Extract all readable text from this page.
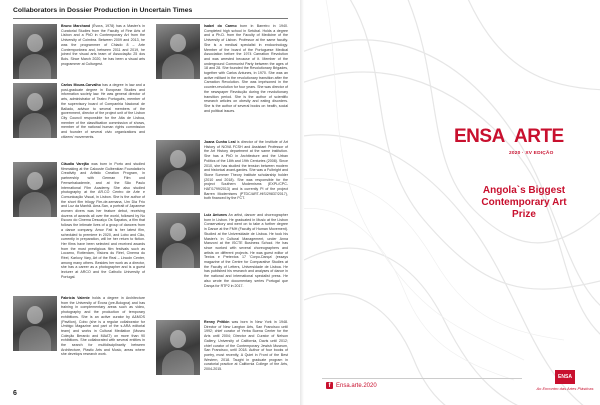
Collaborators in Dossier Production in Uncertain Times
Bruno Marchand (Évora, 1978) has a Master's in Curatorial Studies from the Faculty of Fine Arts of Lisbon and a PhD in Contemporary Art from the University of Coimbra. Between 2009 and 2013, he was the programmer of Chiado 8 – Arte Contemporânea and, between 2011 and 2019, he joined the visual arts team of Associação 25 dos Bois. Since March 2020, he has been a visual arts programmer at Culturgest.
Carlos Moura-Carvalho has a degree in law and a post-graduate degree in European Studies and information society law. He was general director of arts, administrator of Teatro Português, member of the supervisory board of Companhia Nacional de Bailado, advisor to several members of the government, director of the project unit of the Lisbon City Council responsible for the Alta de Lisboa, member of the classification commission of shows, member of the national human rights commission and founder of several civic organizations and citizens' movements.
Cláudia Varejão was born in Porto and studied filmmaking at the Calouste Gulbenkian Foundation's Creativity and Artistic Creation Program, in partnership with German Film und Fernsehakademie, and at the São Paulo International Film Academy. She also studied photography at the AR.CO Centro de Arte e Comunicação Visual, in Lisbon. She is the author of the short film trilogy Fim-de-semana, Um Dia Frio and Luz da Manhã. Ama-San, a portrait of Japanese women divers was her feature debut, receiving dozens of awards all over the world, followed by No Escuro do Cinema Descalço Os Sapatos, a film that follows the intimate lives of a group of dancers from a dance company. Amor Fati is her latest film, scheduled to premiere in 2020, and Lobo and Cão, currently in preparation, will be her return to fiction. Her films have been selected and received awards from the most prestigious film festivals such as Locarno, Rotterdam, Visions du Réel, Cinema du Réel, Karlovy Vary, Art of the Real – Lincoln Center, among many others. Besides her work as a director, she has a career as a photographer and is a guest lecturer at ARCO and the Catholic University of Portugal.
Fabrícia Valente holds a degree in Architecture from the University of Évora (pre-Bologna) and has training in complementary areas such as video, photography and the production of temporary exhibitions. She is an active curator by A&MOS (Pavilion), Cobo (she is a regular collaborator for Umbigo Magazine and part of the s.ARA editorial team) and works in Cultural Mediation (Museu Coleção Berardo and MAAT) on more than 90 exhibitions. She collaborated with several entities in the search for multidisciplinarity between Architecture, Plastic Arts and Music, areas where she develops research work.
Isabel do Carmo born in Barreiro in 1940. Completed high school in Setúbal. Holds a degree and a Ph.D. from the Faculty of Medicine of the University of Lisbon. Professor at the same faculty. She is a medical specialist in endocrinology. Member of the board of the Portuguese Medical Association before the 1974 Carnation Revolution and was arrested because of it. Member of the underground Communist Party between the ages of 18 and 28. She founded the Revolutionary Brigades, together with Carlos Antunes, in 1970. She was an active militant in the revolutionary transition after the Carnation Revolution. She was imprisoned in the counter-revolution for four years. She was director of the newspaper Revolução during the revolutionary transition period. She is the author of scientific research articles on obesity and eating disorders. She is the author of several books on health, social and political issues.
Joana Cunha Leal is director of the Institute of Art History of NOVA FCSH and Assistant Professor of the Art History department at the same institution. She has a PhD in Architecture and the Urban Politics of the 18th and 19th Centuries (2008). Since 2010, she has studied the tension between modern and historical avant-gardes. She was a Fulbright and Stone Summer Theory Institute scholarship holder (2010 and 2018). She was responsible for the project Southern Modernisms (EXPL/CPC-HAT/1799/2013) and is currently PI of the project Barren Modernisms (PTDC/ART-HIS/29837/2017), both financed by the FCT.
Luiz Antunes An artist, dancer and choreographer born in Lisbon. He graduated in Music at the Lisbon Conservatory and went on to take a further degree in Dance at the FMH (Faculty of Human Movement). Studied at the Universidade de Lisboa. He took his Master's in Cultural Management, under Anna Manzoni at the ISCTE Business School. He has since worked with several choreographers and artists on different projects. He was guest editor of Textos e Pretextos 17 'Corpo-Dança' (essays magazine of the Centre for Comparative Studies at the Faculty of Letters, Universidade de Lisboa. He has published his research and analyses of dance in the national and international specialist press. He also wrote the documentary series Portugal que Dança for RTP2 in 2017.
Renny Pritikin was born in New York in 1948. Director of New Langton Arts, San Francisco until 1992; chief curator of Yerba Buena Center for the Arts until 2004; Director and Curator of Nelson Gallery, University of California, Davis until 2012; chief curator of the Contemporary Jewish Museum, San Francisco, until 2018. Author of four books of poetry, most recently, A Quiet in Front of the Best Western, 2018. Taught in graduate program in curatorial practice at California College of the Arts, 2004-2015.
6
ENSA ARTE
2020 · XV EDIÇÃO
Angola`s Biggest Contemporary Art Prize
f Ensa.arte.2020
ENSA
Ao Encontro das Artes Plásticas
